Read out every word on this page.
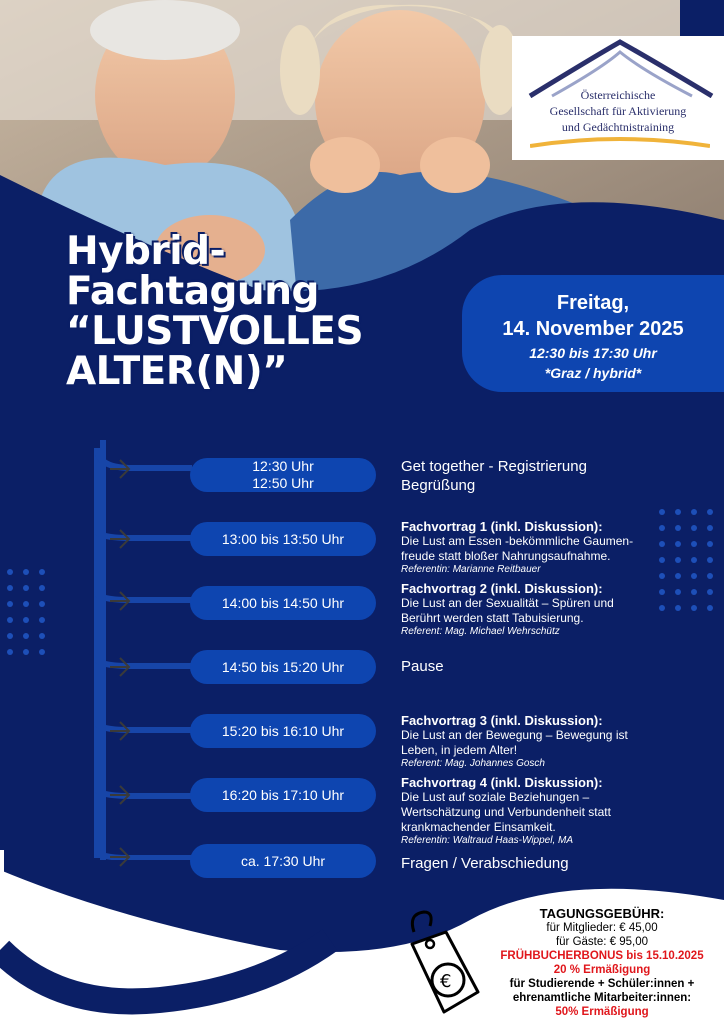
Österreichische
Gesellschaft für Aktivierung
und Gedächtnistraining
Hybrid-
Fachtagung
“LUSTVOLLES
ALTER(N)”
Freitag,
14. November 2025
12:30 bis 17:30 Uhr
*Graz / hybrid*
12:30 Uhr
12:50 Uhr
13:00 bis 13:50 Uhr
14:00 bis 14:50 Uhr
14:50 bis 15:20 Uhr
15:20 bis 16:10 Uhr
16:20 bis 17:10 Uhr
ca. 17:30 Uhr
Get together - Registrierung
Begrüßung
Fachvortrag 1 (inkl. Diskussion):
Die Lust am Essen -bekömmliche Gaumen-
freude statt bloßer Nahrungsaufnahme.
Referentin: Marianne Reitbauer
Fachvortrag 2 (inkl. Diskussion):
Die Lust an der Sexualität – Spüren und
Berührt werden statt Tabuisierung.
Referent: Mag. Michael Wehrschütz
Pause
Fachvortrag 3 (inkl. Diskussion):
Die Lust an der Bewegung – Bewegung ist
Leben, in jedem Alter!
Referent: Mag. Johannes Gosch
Fachvortrag 4 (inkl. Diskussion):
Die Lust auf soziale Beziehungen –
Wertschätzung und Verbundenheit statt
krankmachender Einsamkeit.
Referentin: Waltraud Haas-Wippel, MA
Fragen / Verabschiedung
€
TAGUNGSGEBÜHR:
für Mitglieder: € 45,00
für Gäste: € 95,00
FRÜHBUCHERBONUS bis 15.10.2025
20 % Ermäßigung
für Studierende + Schüler:innen +
ehrenamtliche Mitarbeiter:innen:
50% Ermäßigung
